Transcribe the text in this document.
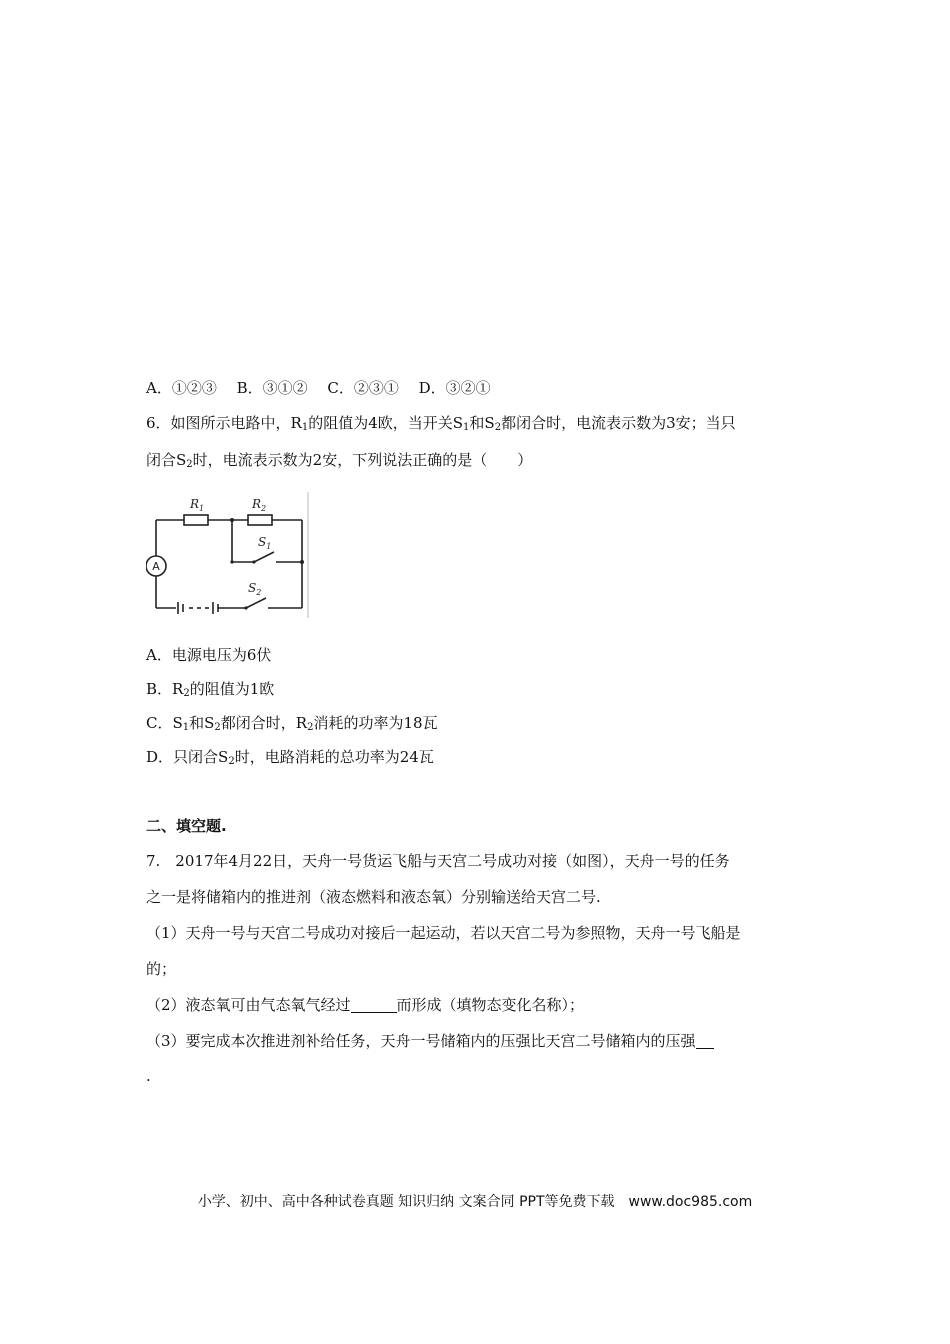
A．①②③　 B．③①②　 C．②③①　 D．③②①
6．如图所示电路中，$R_1$的阻值为4欧，当开关$S_1$和$S_2$都闭合时，电流表示数为3安；当只
闭合$S_2$时，电流表示数为2安，下列说法正确的是（　　）
$R_1$	$R_2$
$S_1$
$S_2$
A
A．电源电压为6伏
B．$R_2$的阻值为1欧
C．$S_1$和$S_2$都闭合时，$R_2$消耗的功率为18瓦
D．只闭合$S_2$时，电路消耗的总功率为24瓦
二、填空题.
7.　2017年4月22日，天舟一号货运飞船与天宫二号成功对接（如图），天舟一号的任务
之一是将储箱内的推进剂（液态燃料和液态氧）分别输送给天宫二号.
（1）天舟一号与天宫二号成功对接后一起运动，若以天宫二号为参照物，天舟一号飞船是
的；
（2）液态氧可由气态氧气经过	而形成（填物态变化名称）；
（3）要完成本次推进剂补给任务，天舟一号储箱内的压强比天宫二号储箱内的压强
.
小学、初中、高中各种试卷真题 知识归纳 文案合同 PPT等免费下载　www.doc985.com
